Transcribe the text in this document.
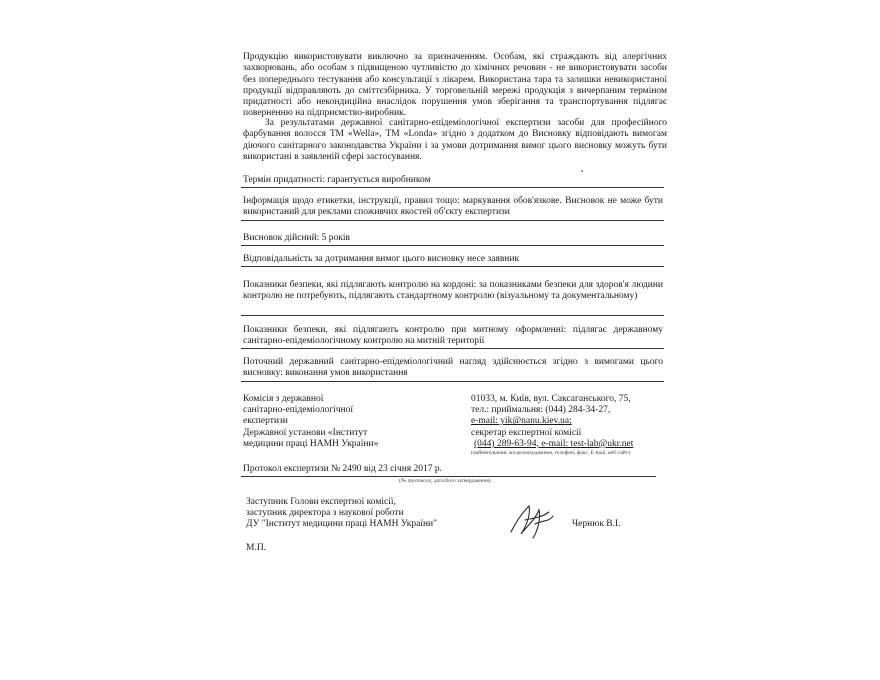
Продукцію використовувати виключно за призначенням. Особам, які страждають від алергічних захворювань, або особам з підвищеною чутливістю до хімічних речовин - не використовувати засоби без попереднього тестування або консультації з лікарем. Використана тара та залишки невикористаної продукції відправляють до сміттєзбірника. У торговельній мережі продукція з вичерпаним терміном придатності або некондиційна внаслідок порушення умов зберігання та транспортування підлягає поверненню на підприємство-виробник.

За результатами державної санітарно-епідеміологічної експертизи засоби для професійного фарбування волосся ТМ «Wella», ТМ «Londa» згідно з додатком до Висновку відповідають вимогам діючого санітарного законодавства України і за умови дотримання вимог цього висновку можуть бути використані в заявленій сфері застосування.

Термін придатності: гарантується виробником

Інформація щодо етикетки, інструкції, правил тощо: маркування обов'язкове. Висновок не може бути використаний для реклами споживчих якостей об'єкту експертизи

Висновок дійсний: 5 років

Відповідальність за дотримання вимог цього висновку несе заявник

Показники безпеки, які підлягають контролю на кордоні: за показниками безпеки для здоров'я людини контролю не потребують, підлягають стандартному контролю (візуальному та документальному)

Показники безпеки, які підлягають контролю при митному оформленні: підлягає державному санітарно-епідеміологічному контролю на митній території

Поточний державний санітарно-епідеміологічний нагляд здійснюється згідно з вимогами цього висновку: виконання умов використання

Комісія з державної
санітарно-епідеміологічної
експертизи
Державної установи «Інститут
медицини праці НАМН України»
01033, м. Київ, вул. Саксаганського, 75,
тел.: приймальня: (044) 284-34-27,
e-mail: yik@nanu.kiev.ua;
секретар експертної комісії
(044) 289-63-94, e-mail: test-lab@ukr.net
(найменування, місцезнаходження, телефон, факс, E-mail, веб-сайт)
Протокол експертизи № 2490 від 23 січня 2017 р.
(№ протоколу, дата його затвердження)
Заступник Голови експертної комісії,
заступник директора з наукової роботи
ДУ "Інститут медицини праці НАМН України"	Чернюк В.І.
М.П.
